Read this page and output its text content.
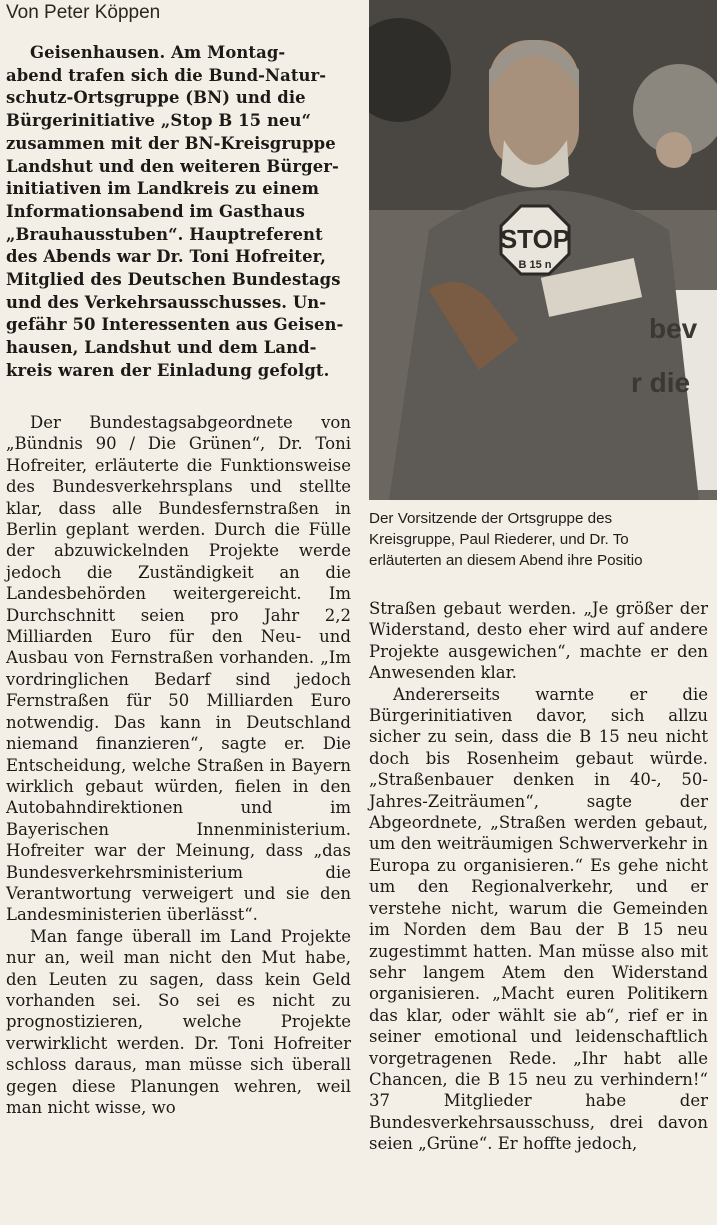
Von Peter Köppen
Geisenhausen. Am Montag-
abend trafen sich die Bund-Natur-
schutz-Ortsgruppe (BN) und die
Bürgerinitiative „Stop B 15 neu“
zusammen mit der BN-Kreisgruppe
Landshut und den weiteren Bürger-
initiativen im Landkreis zu einem
Informationsabend im Gasthaus
„Brauhausstuben“. Hauptreferent
des Abends war Dr. Toni Hofreiter,
Mitglied des Deutschen Bundestags
und des Verkehrsausschusses. Un-
gefähr 50 Interessenten aus Geisen-
hausen, Landshut und dem Land-
kreis waren der Einladung gefolgt.

Der Bundestagsabgeordnete von „Bündnis 90 / Die Grünen“, Dr. Toni Hofreiter, erläuterte die Funktionsweise des Bundesverkehrsplans und stellte klar, dass alle Bundesfernstraßen in Berlin geplant werden. Durch die Fülle der abzuwickelnden Projekte werde jedoch die Zuständigkeit an die Landesbehörden weitergereicht. Im Durchschnitt seien pro Jahr 2,2 Milliarden Euro für den Neu- und Ausbau von Fernstraßen vorhanden. „Im vordringlichen Bedarf sind jedoch Fernstraßen für 50 Milliarden Euro notwendig. Das kann in Deutschland niemand finanzieren“, sagte er. Die Entscheidung, welche Straßen in Bayern wirklich gebaut würden, fielen in den Autobahndirektionen und im Bayerischen Innenministerium. Hofreiter war der Meinung, dass „das Bundesverkehrsministerium die Verantwortung verweigert und sie den Landesministerien überlässt“.

Man fange überall im Land Projekte nur an, weil man nicht den Mut habe, den Leuten zu sagen, dass kein Geld vorhanden sei. So sei es nicht zu prognostizieren, welche Projekte verwirklicht werden. Dr. Toni Hofreiter schloss daraus, man müsse sich überall gegen diese Planungen wehren, weil man nicht wisse, wo

STOP
B 15 n
bev
r die
Der Vorsitzende der Ortsgruppe des
Kreisgruppe, Paul Riederer, und Dr. To
erläuterten an diesem Abend ihre Positio

Straßen gebaut werden. „Je größer der Widerstand, desto eher wird auf andere Projekte ausgewichen“, machte er den Anwesenden klar.

Andererseits warnte er die Bürgerinitiativen davor, sich allzu sicher zu sein, dass die B 15 neu nicht doch bis Rosenheim gebaut würde. „Straßenbauer denken in 40-, 50-Jahres-Zeiträumen“, sagte der Abgeordnete, „Straßen werden gebaut, um den weiträumigen Schwerverkehr in Europa zu organisieren.“ Es gehe nicht um den Regionalverkehr, und er verstehe nicht, warum die Gemeinden im Norden dem Bau der B 15 neu zugestimmt hatten. Man müsse also mit sehr langem Atem den Widerstand organisieren. „Macht euren Politikern das klar, oder wählt sie ab“, rief er in seiner emotional und leidenschaftlich vorgetragenen Rede. „Ihr habt alle Chancen, die B 15 neu zu verhindern!“ 37 Mitglieder habe der Bundesverkehrsausschuss, drei davon seien „Grüne“. Er hoffte jedoch,
